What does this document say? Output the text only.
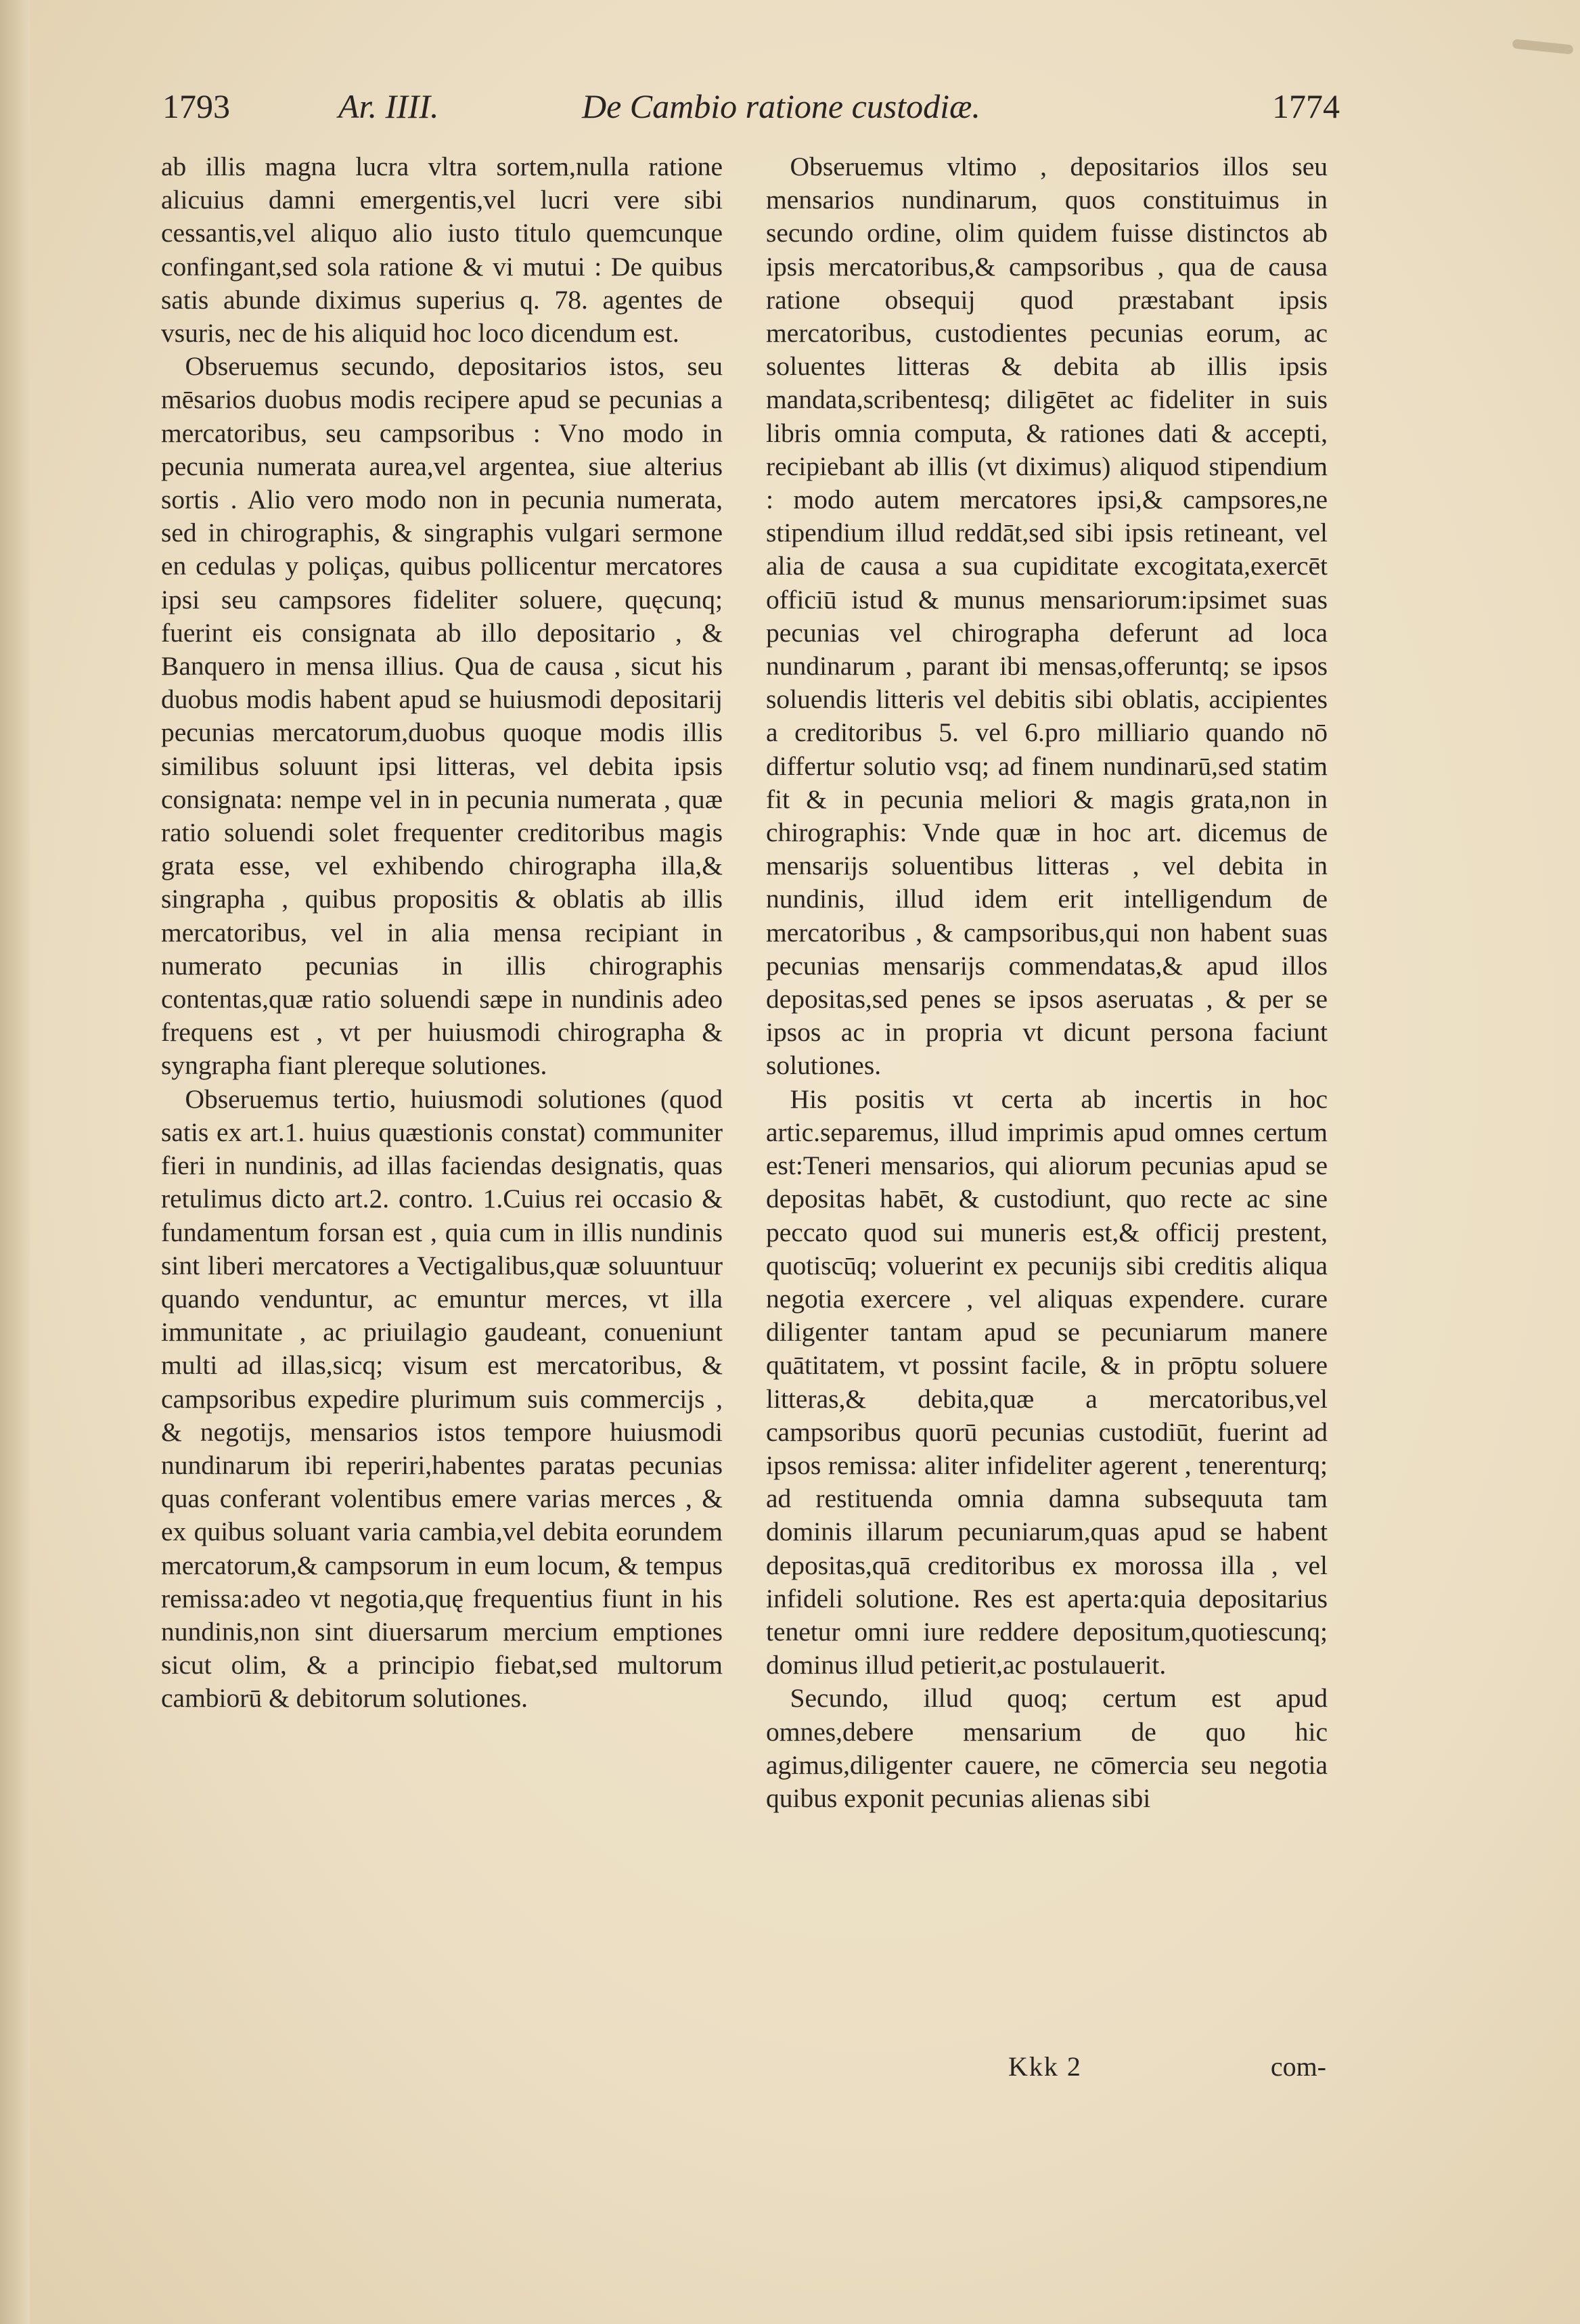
1793	Ar. IIII.	De Cambio ratione custodiæ.	1774

ab illis magna lucra vltra sortem,nulla ratione alicuius damni emergentis,vel lucri vere sibi cessantis,vel aliquo alio iusto titulo quemcunque confingant,sed sola ratione & vi mutui : De quibus satis abunde diximus superius q. 78. agentes de vsuris, nec de his aliquid hoc loco dicendum est.

Obseruemus secundo, depositarios istos, seu mēsarios duobus modis recipere apud se pecunias a mercatoribus, seu campsoribus : Vno modo in pecunia numerata aurea,vel argentea, siue alterius sortis . Alio vero modo non in pecunia numerata, sed in chirographis, & singraphis vulgari sermone en cedulas y poliças, quibus pollicentur mercatores ipsi seu campsores fideliter soluere, quęcunq; fuerint eis consignata ab illo depositario , & Banquero in mensa illius. Qua de causa , sicut his duobus modis habent apud se huiusmodi depositarij pecunias mercatorum,duobus quoque modis illis similibus soluunt ipsi litteras, vel debita ipsis consignata: nempe vel in in pecunia numerata , quæ ratio soluendi solet frequenter creditoribus magis grata esse, vel exhibendo chirographa illa,& singrapha , quibus propositis & oblatis ab illis mercatoribus, vel in alia mensa recipiant in numerato pecunias in illis chirographis contentas,quæ ratio soluendi sæpe in nundinis adeo frequens est , vt per huiusmodi chirographa & syngrapha fiant plereque solutiones.

Obseruemus tertio, huiusmodi solutiones (quod satis ex art.1. huius quæstionis constat) communiter fieri in nundinis, ad illas faciendas designatis, quas retulimus dicto art.2. contro. 1.Cuius rei occasio & fundamentum forsan est , quia cum in illis nundinis sint liberi mercatores a Vectigalibus,quæ soluuntuur quando venduntur, ac emuntur merces, vt illa immunitate , ac priuilagio gaudeant, conueniunt multi ad illas,sicq; visum est mercatoribus, & campsoribus expedire plurimum suis commercijs , & negotijs, mensarios istos tempore huiusmodi nundinarum ibi reperiri,habentes paratas pecunias quas conferant volentibus emere varias merces , & ex quibus soluant varia cambia,vel debita eorundem mercatorum,& campsorum in eum locum, & tempus remissa:adeo vt negotia,quę frequentius fiunt in his nundinis,non sint diuersarum mercium emptiones sicut olim, & a principio fiebat,sed multorum cambiorū & debitorum solutiones.

Obseruemus vltimo , depositarios illos seu mensarios nundinarum, quos constituimus in secundo ordine, olim quidem fuisse distinctos ab ipsis mercatoribus,& campsoribus , qua de causa ratione obsequij quod præstabant ipsis mercatoribus, custodientes pecunias eorum, ac soluentes litteras & debita ab illis ipsis mandata,scribentesq; diligētet ac fideliter in suis libris omnia computa, & rationes dati & accepti, recipiebant ab illis (vt diximus) aliquod stipendium : modo autem mercatores ipsi,& campsores,ne stipendium illud reddāt,sed sibi ipsis retineant, vel alia de causa a sua cupiditate excogitata,exercēt officiū istud & munus mensariorum:ipsimet suas pecunias vel chirographa deferunt ad loca nundinarum , parant ibi mensas,offeruntq; se ipsos soluendis litteris vel debitis sibi oblatis, accipientes a creditoribus 5. vel 6.pro milliario quando nō differtur solutio vsq; ad finem nundinarū,sed statim fit & in pecunia meliori & magis grata,non in chirographis: Vnde quæ in hoc art. dicemus de mensarijs soluentibus litteras , vel debita in nundinis, illud idem erit intelligendum de mercatoribus , & campsoribus,qui non habent suas pecunias mensarijs commendatas,& apud illos depositas,sed penes se ipsos aseruatas , & per se ipsos ac in propria vt dicunt persona faciunt solutiones.

His positis vt certa ab incertis in hoc artic.separemus, illud imprimis apud omnes certum est:Teneri mensarios, qui aliorum pecunias apud se depositas habēt, & custodiunt, quo recte ac sine peccato quod sui muneris est,& officij prestent, quotiscūq; voluerint ex pecunijs sibi creditis aliqua negotia exercere , vel aliquas expendere. curare diligenter tantam apud se pecuniarum manere quātitatem, vt possint facile, & in prōptu soluere litteras,& debita,quæ a mercatoribus,vel campsoribus quorū pecunias custodiūt, fuerint ad ipsos remissa: aliter infideliter agerent , tenerenturq; ad restituenda omnia damna subsequuta tam dominis illarum pecuniarum,quas apud se habent depositas,quā creditoribus ex morossa illa , vel infideli solutione. Res est aperta:quia depositarius tenetur omni iure reddere depositum,quotiescunq; dominus illud petierit,ac postulauerit.

Secundo, illud quoq; certum est apud omnes,debere mensarium de quo hic agimus,diligenter cauere, ne cōmercia seu negotia quibus exponit pecunias alienas sibi

Kkk 2	com-
